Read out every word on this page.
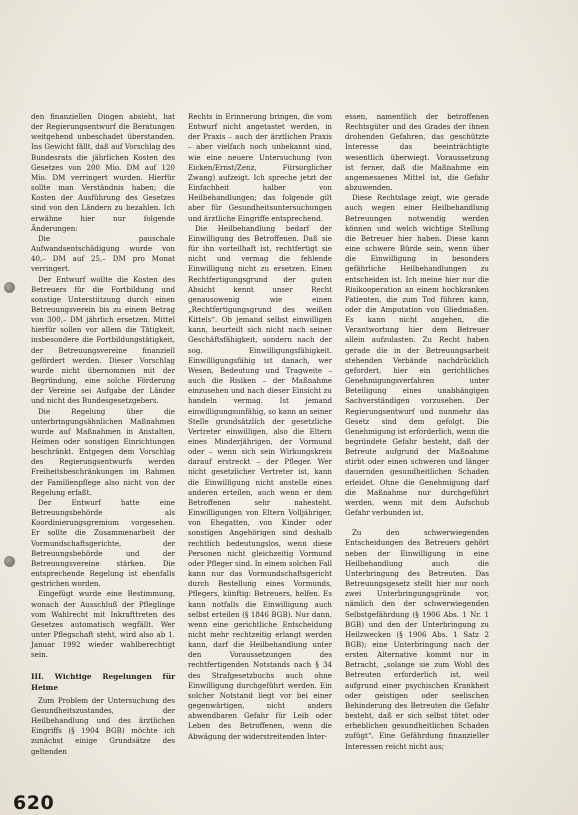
den finanziellen Dingen absieht, hat der Regierungsentwurf die Beratungen weitgehend unbeschadet überstanden. Ins Gewicht fällt, daß auf Vorschlag des Bundesrats die jährlichen Kosten des Gesetzes von 200 Mio. DM auf 120 Mio. DM verringert wurden. Hierfür sollte man Verständnis haben; die Kosten der Ausführung des Gesetzes sind von den Ländern zu bezahlen. Ich erwähne hier nur folgende Änderungen:

Die pauschale Aufwandsentschädigung wurde von 40,– DM auf 25,– DM pro Monat verringert.

Der Entwurf wollte die Kosten des Betreuers für die Fortbildung und sonstige Unterstützung durch einen Betreuungsverein bis zu einem Betrag von 300,– DM jährlich ersetzen. Mittel hierfür sollen vor allem die Tätigkeit, insbesondere die Fortbildungstätigkeit, der Betreuungsvereine finanziell gefördert werden. Dieser Vorschlag wurde nicht übernommen mit der Begründung, eine solche Förderung der Vereine sei Aufgabe der Länder und nicht des Bundesgesetzgebers.

Die Regelung über die unterbringungsähnlichen Maßnahmen wurde auf Maßnahmen in Anstalten, Heimen oder sonstigen Einrichtungen beschränkt. Entgegen dem Vorschlag des Regierungsentwurfs werden Freiheitsbeschränkungen im Rahmen der Familienpflege also nicht von der Regelung erfaßt.

Der Entwurf hatte eine Betreuungsbehörde als Koordinierungsgremium vorgesehen. Er sollte die Zusammenarbeit der Vormundschaftsgerichte, der Betreuungsbehörde und der Betreuungsvereine stärken. Die entsprechende Regelung ist ebenfalls gestrichen worden.

Eingefügt wurde eine Bestimmung, wonach der Ausschluß der Pfleglinge vom Wahlrecht mit Inkrafttreten des Gesetzes automatisch wegfällt. Wer unter Pflegschaft steht, wird also ab 1. Januar 1992 wieder wahlberechtigt sein.

III. Wichtige Regelungen für Heime

Zum Problem der Untersuchung des Gesundheitszustandes, der Heilbehandlung und des ärztlichen Eingriffs (§ 1904 BGB) möchte ich zunächst einige Grundsätze des geltenden

Rechts in Erinnerung bringen, die vom Entwurf nicht angetastet werden, in der Praxis – auch der ärztlichen Praxis – aber vielfach noch unbekannt sind, wie eine neuere Untersuchung (von Eicken/Ernst/Zenz, Fürsorglicher Zwang) aufzeigt. Ich spreche jetzt der Einfachheit halber von Heilbehandlungen; das folgende gilt aber für Gesundheitsuntersuchungen und ärztliche Eingriffe entsprechend.

Die Heilbehandlung bedarf der Einwilligung des Betroffenen. Daß sie für ihn vorteilhaft ist, rechtfertigt sie nicht und vermag die fehlende Einwilligung nicht zu ersetzen. Einen Rechtfertigungsgrund der guten Absicht kennt unser Recht genausowenig wie einen „Rechtfertigungsgrund des weißen Kittels“. Ob jemand selbst einwilligen kann, beurteilt sich nicht nach seiner Geschäftsfähigkeit, sondern nach der sog. Einwilligungsfähigkeit. Einwilligungsfähig ist danach, wer Wesen, Bedeutung und Tragweite – auch die Risiken – der Maßnahme einzusehen und nach dieser Einsicht zu handeln vermag. Ist jemand einwilligungsunfähig, so kann an seiner Stelle grundsätzlich der gesetzliche Vertreter einwilligen, also die Eltern eines Minderjährigen, der Vormund oder – wenn sich sein Wirkungskreis darauf erstreckt – der Pfleger. Wer nicht gesetzlicher Vertreter ist, kann die Einwilligung nicht anstelle eines anderen erteilen, auch wenn er dem Betroffenen sehr nahesteht. Einwilligungen von Eltern Volljähriger, von Ehegatten, von Kinder oder sonstigen Angehörigen sind deshalb rechtlich bedeutungslos, wenn diese Personen nicht gleichzeitig Vormund oder Pfleger sind. In einem solchen Fall kann nur das Vormundschaftsgericht durch Bestellung eines Vormunds, Pflegers, künftig: Betreuers, helfen. Es kann notfalls die Einwilligung auch selbst erteilen (§ 1846 BGB). Nur dann, wenn eine gerichtliche Entscheidung nicht mehr rechtzeitig erlangt werden kann, darf die Heilbehandlung unter den Voraussetzungen des rechtfertigenden Notstands nach § 34 des Strafgesetzbuchs auch ohne Einwilligung durchgeführt werden. Ein solcher Notstand liegt vor bei einer gegenwärtigen, nicht anders abwendbaren Gefahr für Leib oder Leben des Betroffenen, wenn die Abwägung der widerstreitenden Inter-

essen, namentlich der betroffenen Rechtsgüter und des Grades der ihnen drohenden Gefahren, das geschützte Interesse das beeinträchtigte wesentlich überwiegt. Voraussetzung ist ferner, daß die Maßnahme ein angemessenes Mittel ist, die Gefahr abzuwenden.

Diese Rechtslage zeigt, wie gerade auch wegen einer Heilbehandlung Betreuungen notwendig werden können und welch wichtige Stellung die Betreuer hier haben. Diese kann eine schwere Bürde sein, wenn über die Einwilligung in besonders gefährliche Heilbehandlungen zu entscheiden ist. Ich meine hier nur die Risikooperation an einem hochkranken Patienten, die zum Tod führen kann, oder die Amputation von Gliedmaßen. Es kann nicht angehen, die Verantwortung hier dem Betreuer allein aufzulasten. Zu Recht haben gerade die in der Betreuungsarbeit stehenden Verbände nachdrücklich gefordert, hier ein gerichtliches Genehmigungsverfahren unter Beteiligung eines unabhängigen Sachverständigen vorzusehen. Der Regierungsentwurf und nunmehr das Gesetz sind dem gefolgt. Die Genehmigung ist erforderlich, wenn die begründete Gefahr besteht, daß der Betreute aufgrund der Maßnahme stirbt oder einen schweren und länger dauernden gesundheitlichen Schaden erleidet. Ohne die Genehmigung darf die Maßnahme nur durchgeführt werden, wenn mit dem Aufschub Gefahr verbunden ist.

Zu den schwerwiegenden Entscheidungen des Betreuers gehört neben der Einwilligung in eine Heilbehandlung auch die Unterbringung des Betreuten. Das Betreuungsgesetz stellt hier nur noch zwei Unterbringungsgründe vor, nämlich den der schwerwiegenden Selbstgefährdung (§ 1906 Abs. 1 Nr. 1 BGB) und den der Unterbringung zu Heilzwecken (§ 1906 Abs. 1 Satz 2 BGB); eine Unterbringung nach der ersten Alternative kommt nur in Betracht, „solange sie zum Wohl des Betreuten erforderlich ist, weil aufgrund einer psychischen Krankheit oder geistigen oder seelischen Behinderung des Betreuten die Gefahr besteht, daß er sich selbst tötet oder erheblichen gesundheitlichen Schaden zufügt“. Eine Gefährdung finanzieller Interessen reicht nicht aus;

620
